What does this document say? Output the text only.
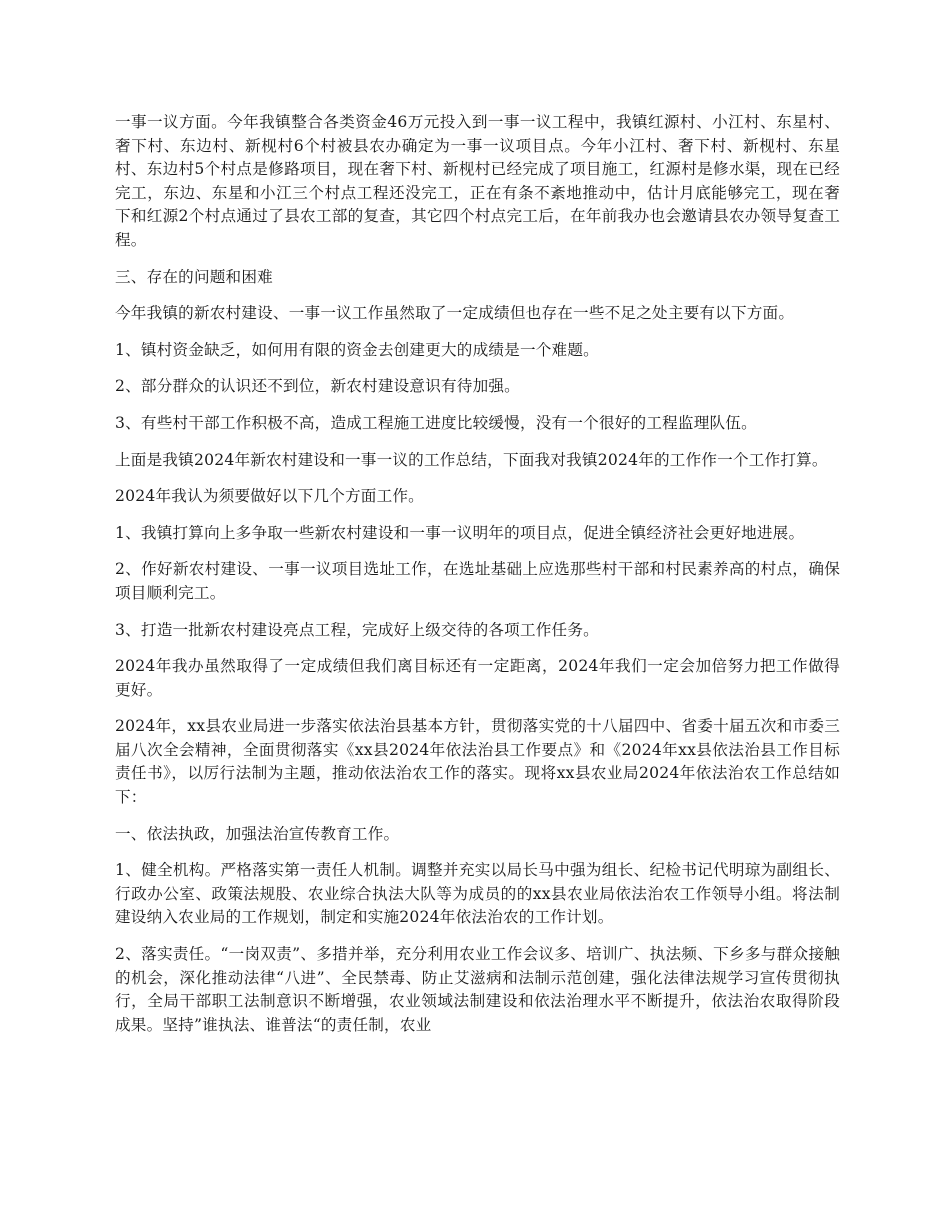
一事一议方面。今年我镇整合各类资金46万元投入到一事一议工程中，我镇红源村、小江村、东星村、奢下村、东边村、新枧村6个村被县农办确定为一事一议项目点。今年小江村、奢下村、新枧村、东星村、东边村5个村点是修路项目，现在奢下村、新枧村已经完成了项目施工，红源村是修水渠，现在已经完工，东边、东星和小江三个村点工程还没完工，正在有条不紊地推动中，估计月底能够完工，现在奢下和红源2个村点通过了县农工部的复查，其它四个村点完工后，在年前我办也会邀请县农办领导复查工程。

三、存在的问题和困难

今年我镇的新农村建设、一事一议工作虽然取了一定成绩但也存在一些不足之处主要有以下方面。

1、镇村资金缺乏，如何用有限的资金去创建更大的成绩是一个难题。

2、部分群众的认识还不到位，新农村建设意识有待加强。

3、有些村干部工作积极不高，造成工程施工进度比较缓慢，没有一个很好的工程监理队伍。

上面是我镇2024年新农村建设和一事一议的工作总结，下面我对我镇2024年的工作作一个工作打算。

2024年我认为须要做好以下几个方面工作。

1、我镇打算向上多争取一些新农村建设和一事一议明年的项目点，促进全镇经济社会更好地进展。

2、作好新农村建设、一事一议项目选址工作，在选址基础上应选那些村干部和村民素养高的村点，确保项目顺利完工。

3、打造一批新农村建设亮点工程，完成好上级交待的各项工作任务。

2024年我办虽然取得了一定成绩但我们离目标还有一定距离，2024年我们一定会加倍努力把工作做得更好。

2024年，xx县农业局进一步落实依法治县基本方针，贯彻落实党的十八届四中、省委十届五次和市委三届八次全会精神，全面贯彻落实《xx县2024年依法治县工作要点》和《2024年xx县依法治县工作目标责任书》，以厉行法制为主题，推动依法治农工作的落实。现将xx县农业局2024年依法治农工作总结如下：

一、依法执政，加强法治宣传教育工作。

1、健全机构。严格落实第一责任人机制。调整并充实以局长马中强为组长、纪检书记代明琼为副组长、行政办公室、政策法规股、农业综合执法大队等为成员的的xx县农业局依法治农工作领导小组。将法制建设纳入农业局的工作规划，制定和实施2024年依法治农的工作计划。

2、落实责任。“一岗双责”、多措并举，充分利用农业工作会议多、培训广、执法频、下乡多与群众接触的机会，深化推动法律“八进”、全民禁毒、防止艾滋病和法制示范创建，强化法律法规学习宣传贯彻执行，全局干部职工法制意识不断增强，农业领域法制建设和依法治理水平不断提升，依法治农取得阶段成果。坚持”谁执法、谁普法“的责任制，农业
